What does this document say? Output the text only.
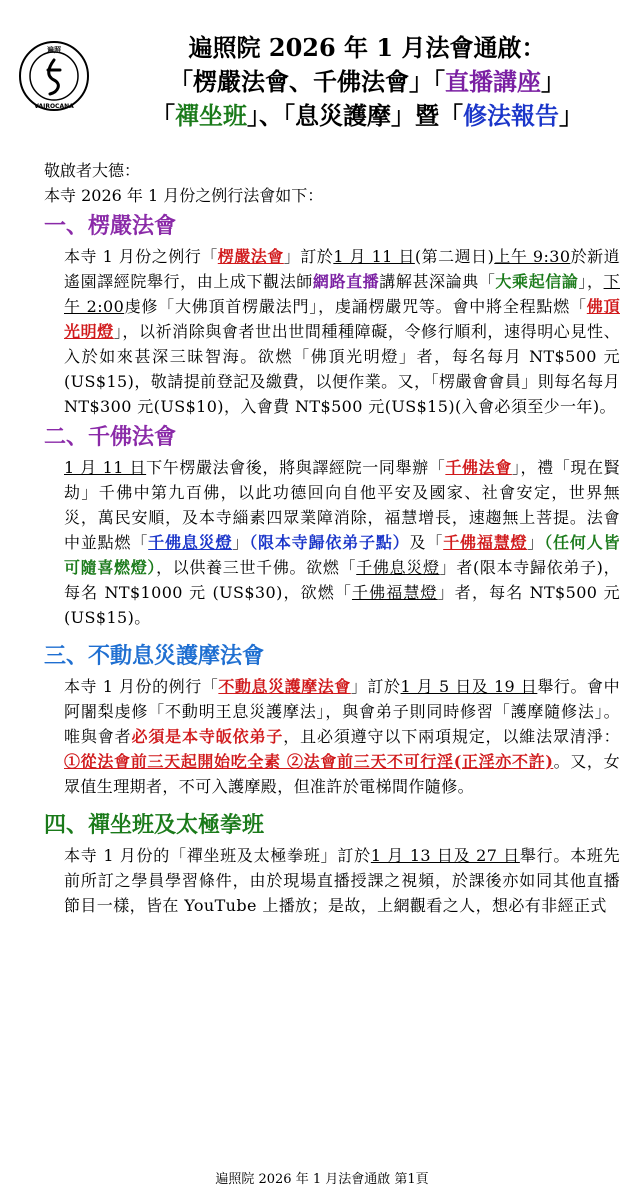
遍照
VAIROCANA
遍照院 2026 年 1 月法會通啟：
「楞嚴法會、千佛法會」「直播講座」
「禪坐班」、「息災護摩」暨「修法報告」

敬啟者大德：

本寺 2026 年 1 月份之例行法會如下：

一、楞嚴法會

本寺 1 月份之例行「楞嚴法會」訂於1 月 11 日(第二週日)上午 9:30於新逍遙園譯經院舉行，由上成下觀法師網路直播講解甚深論典「大乘起信論」，下午 2:00虔修「大佛頂首楞嚴法門」，虔誦楞嚴咒等。會中將全程點燃「佛頂光明燈」，以祈消除與會者世出世間種種障礙，令修行順利，速得明心見性、入於如來甚深三昧智海。欲燃「佛頂光明燈」者，每名每月 NT$500 元(US$15)，敬請提前登記及繳費，以便作業。又，「楞嚴會會員」則每名每月 NT$300 元(US$10)，入會費 NT$500 元(US$15)(入會必須至少一年)。

二、千佛法會

1 月 11 日下午楞嚴法會後，將與譯經院一同舉辦「千佛法會」，禮「現在賢劫」千佛中第九百佛，以此功德回向自他平安及國家、社會安定，世界無災，萬民安順，及本寺緇素四眾業障消除，福慧增長，速趨無上菩提。法會中並點燃「千佛息災燈」（限本寺歸依弟子點）及「千佛福慧燈」（任何人皆可隨喜燃燈），以供養三世千佛。欲燃「千佛息災燈」者(限本寺歸依弟子)，每名 NT$1000 元 (US$30)，欲燃「千佛福慧燈」者，每名 NT$500 元(US$15)。

三、不動息災護摩法會

本寺 1 月份的例行「不動息災護摩法會」訂於1 月 5 日及 19 日舉行。會中阿闍梨虔修「不動明王息災護摩法」，與會弟子則同時修習「護摩隨修法」。唯與會者必須是本寺皈依弟子，且必須遵守以下兩項規定，以維法眾清淨：①從法會前三天起開始吃全素 ②法會前三天不可行淫(正淫亦不許)。又，女眾值生理期者，不可入護摩殿，但准許於電梯間作隨修。

四、禪坐班及太極拳班

本寺 1 月份的「禪坐班及太極拳班」訂於1 月 13 日及 27 日舉行。本班先前所訂之學員學習條件，由於現場直播授課之視頻，於課後亦如同其他直播節目一樣，皆在 YouTube 上播放；是故，上網觀看之人，想必有非經正式

遍照院 2026 年 1 月法會通啟 第1頁
